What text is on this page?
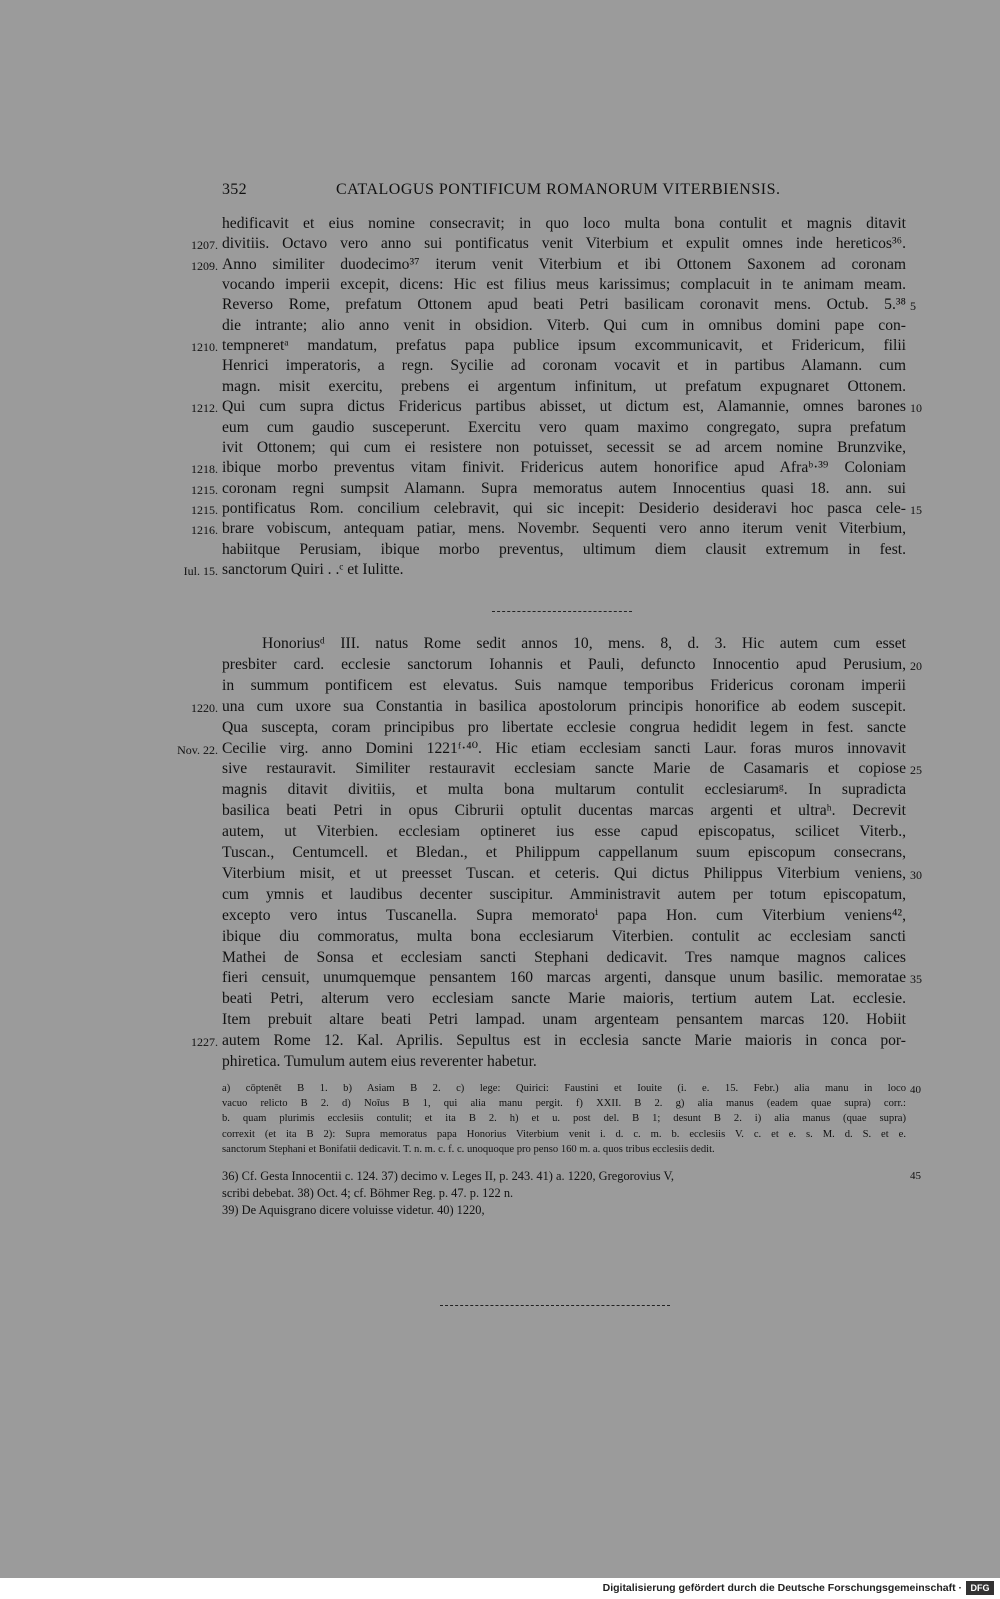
352	CATALOGUS PONTIFICUM ROMANORUM VITERBIENSIS.
hedificavit et eius nomine consecravit; in quo loco multa bona contulit et magnis ditavit
divitiis. Octavo vero anno sui pontificatus venit Viterbium et expulit omnes inde hereticos³⁶.
1207.
Anno similiter duodecimo³⁷ iterum venit Viterbium et ibi Ottonem Saxonem ad coronam
1209.
vocando imperii excepit, dicens: Hic est filius meus karissimus; complacuit in te animam meam.
Reverso Rome, prefatum Ottonem apud beati Petri basilicam coronavit mens. Octub. 5.³⁸ 5
die intrante; alio anno venit in obsidion. Viterb. Qui cum in omnibus domini pape con-
tempneretᵃ mandatum, prefatus papa publice ipsum excommunicavit, et Fridericum, filii
1210.
Henrici imperatoris, a regn. Sycilie ad coronam vocavit et in partibus Alamann. cum
magn. misit exercitu, prebens ei argentum infinitum, ut prefatum expugnaret Ottonem.
Qui cum supra dictus Fridericus partibus abisset, ut dictum est, Alamannie, omnes barones
1212.	10
eum cum gaudio susceperunt. Exercitu vero quam maximo congregato, supra prefatum
ivit Ottonem; qui cum ei resistere non potuisset, secessit se ad arcem nomine Brunzvike,
ibique morbo preventus vitam finivit. Fridericus autem honorifice apud Afraᵇ·³⁹ Coloniam
1218.
coronam regni sumpsit Alamann. Supra memoratus autem Innocentius quasi 18. ann. sui
1215.
pontificatus Rom. concilium celebravit, qui sic incepit: Desiderio desideravi hoc pasca cele-
1215.	15
brare vobiscum, antequam patiar, mens. Novembr. Sequenti vero anno iterum venit Viterbium,
1216.
habiitque Perusiam, ibique morbo preventus, ultimum diem clausit extremum in fest.
sanctorum Quiri . .ᶜ et Iulitte.
Iul. 15.
Honoriusᵈ III. natus Rome sedit annos 10, mens. 8, d. 3. Hic autem cum esset
presbiter card. ecclesie sanctorum Iohannis et Pauli, defuncto Innocentio apud Perusium, 20
in summum pontificem est elevatus. Suis namque temporibus Fridericus coronam imperii
una cum uxore sua Constantia in basilica apostolorum principis honorifice ab eodem suscepit.
1220.
Qua suscepta, coram principibus pro libertate ecclesie congrua hedidit legem in fest. sancte
Cecilie virg. anno Domini 1221ᶠ·⁴⁰. Hic etiam ecclesiam sancti Laur. foras muros innovavit
Nov. 22.
sive restauravit. Similiter restauravit ecclesiam sancte Marie de Casamaris et copiose 25
magnis ditavit divitiis, et multa bona multarum contulit ecclesiarumᵍ. In supradicta
basilica beati Petri in opus Cibrurii optulit ducentas marcas argenti et ultraʰ. Decrevit
autem, ut Viterbien. ecclesiam optineret ius esse capud episcopatus, scilicet Viterb.,
Tuscan., Centumcell. et Bledan., et Philippum cappellanum suum episcopum consecrans,
Viterbium misit, et ut preesset Tuscan. et ceteris. Qui dictus Philippus Viterbium veniens, 30
cum ymnis et laudibus decenter suscipitur. Amministravit autem per totum episcopatum,
excepto vero intus Tuscanella. Supra memoratoⁱ papa Hon. cum Viterbium veniens⁴²,
ibique diu commoratus, multa bona ecclesiarum Viterbien. contulit ac ecclesiam sancti
Mathei de Sonsa et ecclesiam sancti Stephani dedicavit. Tres namque magnos calices
fieri censuit, unumquemque pensantem 160 marcas argenti, dansque unum basilic. memoratae 35
beati Petri, alterum vero ecclesiam sancte Marie maioris, tertium autem Lat. ecclesie.
Item prebuit altare beati Petri lampad. unam argenteam pensantem marcas 120. Hobiit
autem Rome 12. Kal. Aprilis. Sepultus est in ecclesia sancte Marie maioris in conca por-
1227.
phiretica. Tumulum autem eius reverenter habetur.
a) cōptenēt B 1. b) Asiam B 2. c) lege: Quirici: Faustini et Iouite (i. e. 15. Febr.) alia manu in loco 40
vacuo relicto B 2. d) Noīus B 1, qui alia manu pergit. f) XXII. B 2. g) alia manus (eadem quae supra) corr.:
b. quam plurimis ecclesiis contulit; et ita B 2. h) et u. post del. B 1; desunt B 2. i) alia manus (quae supra)
correxit (et ita B 2): Supra memoratus papa Honorius Viterbium venit i. d. c. m. b. ecclesiis V. c. et e. s. M. d. S. et e.
sanctorum Stephani et Bonifatii dedicavit. T. n. m. c. f. c. unoquoque pro penso 160 m. a. quos tribus ecclesiis dedit.
36) Cf. Gesta Innocentii c. 124. 37) decimo v. Leges II, p. 243. 41) a. 1220, Gregorovius V,	45
scribi debebat. 38) Oct. 4; cf. Böhmer Reg. p. 47. p. 122 n.
39) De Aquisgrano dicere voluisse videtur. 40) 1220,
Digitalisierung gefördert durch die Deutsche Forschungsgemeinschaft · DFG
